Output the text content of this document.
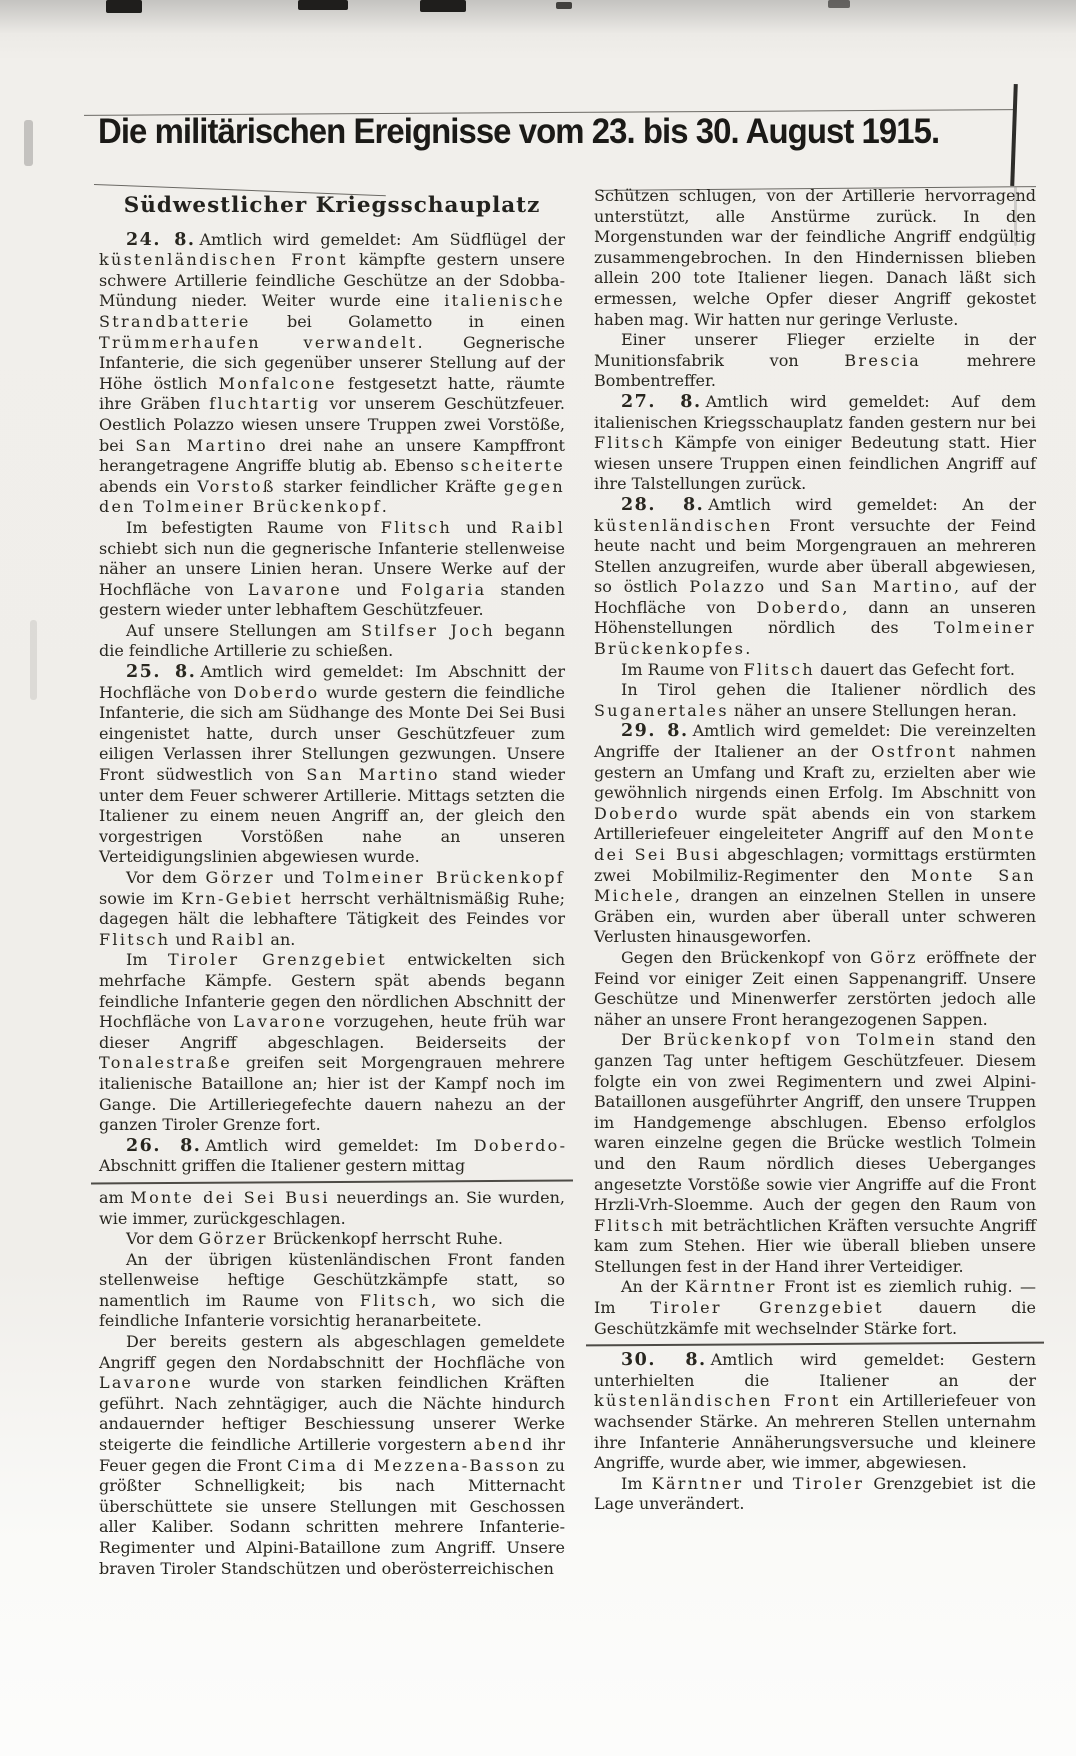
Die militärischen Ereignisse vom 23. bis 30. August 1915.

Südwestlicher Kriegsschauplatz

24. 8. Amtlich wird gemeldet: Am Südflügel der küstenländischen Front kämpfte gestern unsere schwere Artillerie feindliche Geschütze an der Sdobba-Mündung nieder. Weiter wurde eine italienische Strandbatterie bei Golametto in einen Trümmerhaufen verwandelt. Gegnerische Infanterie, die sich gegenüber unserer Stellung auf der Höhe östlich Monfalcone festgesetzt hatte, räumte ihre Gräben fluchtartig vor unserem Geschützfeuer. Oestlich Polazzo wiesen unsere Truppen zwei Vorstöße, bei San Martino drei nahe an unsere Kampffront herangetragene Angriffe blutig ab. Ebenso scheiterte abends ein Vorstoß starker feindlicher Kräfte gegen den Tolmeiner Brückenkopf.

Im befestigten Raume von Flitsch und Raibl schiebt sich nun die gegnerische Infanterie stellenweise näher an unsere Linien heran. Unsere Werke auf der Hochfläche von Lavarone und Folgaria standen gestern wieder unter lebhaftem Geschützfeuer.

Auf unsere Stellungen am Stilfser Joch begann die feindliche Artillerie zu schießen.

25. 8. Amtlich wird gemeldet: Im Abschnitt der Hochfläche von Doberdo wurde gestern die feindliche Infanterie, die sich am Südhange des Monte Dei Sei Busi eingenistet hatte, durch unser Geschützfeuer zum eiligen Verlassen ihrer Stellungen gezwungen. Unsere Front südwestlich von San Martino stand wieder unter dem Feuer schwerer Artillerie. Mittags setzten die Italiener zu einem neuen Angriff an, der gleich den vorgestrigen Vorstößen nahe an unseren Verteidigungslinien abgewiesen wurde.

Vor dem Görzer und Tolmeiner Brückenkopf sowie im Krn-Gebiet herrscht verhältnismäßig Ruhe; dagegen hält die lebhaftere Tätigkeit des Feindes vor Flitsch und Raibl an.

Im Tiroler Grenzgebiet entwickelten sich mehrfache Kämpfe. Gestern spät abends begann feindliche Infanterie gegen den nördlichen Abschnitt der Hochfläche von Lavarone vorzugehen, heute früh war dieser Angriff abgeschlagen. Beiderseits der Tonalestraße greifen seit Morgengrauen mehrere italienische Bataillone an; hier ist der Kampf noch im Gange. Die Artilleriegefechte dauern nahezu an der ganzen Tiroler Grenze fort.

26. 8. Amtlich wird gemeldet: Im Doberdo-Abschnitt griffen die Italiener gestern mittag

am Monte dei Sei Busi neuerdings an. Sie wurden, wie immer, zurückgeschlagen.

Vor dem Görzer Brückenkopf herrscht Ruhe.

An der übrigen küstenländischen Front fanden stellenweise heftige Geschützkämpfe statt, so namentlich im Raume von Flitsch, wo sich die feindliche Infanterie vorsichtig heranarbeitete.

Der bereits gestern als abgeschlagen gemeldete Angriff gegen den Nordabschnitt der Hochfläche von Lavarone wurde von starken feindlichen Kräften geführt. Nach zehntägiger, auch die Nächte hindurch andauernder heftiger Beschiessung unserer Werke steigerte die feindliche Artillerie vorgestern abend ihr Feuer gegen die Front Cima di Mezzena-Basson zu größter Schnelligkeit; bis nach Mitternacht überschüttete sie unsere Stellungen mit Geschossen aller Kaliber. Sodann schritten mehrere Infanterie-Regimenter und Alpini-Bataillone zum Angriff. Unsere braven Tiroler Standschützen und oberösterreichischen

Schützen schlugen, von der Artillerie hervorragend unterstützt, alle Anstürme zurück. In den Morgenstunden war der feindliche Angriff endgültig zusammengebrochen. In den Hindernissen blieben allein 200 tote Italiener liegen. Danach läßt sich ermessen, welche Opfer dieser Angriff gekostet haben mag. Wir hatten nur geringe Verluste.

Einer unserer Flieger erzielte in der Munitionsfabrik von Brescia mehrere Bombentreffer.

27. 8. Amtlich wird gemeldet: Auf dem italienischen Kriegsschauplatz fanden gestern nur bei Flitsch Kämpfe von einiger Bedeutung statt. Hier wiesen unsere Truppen einen feindlichen Angriff auf ihre Talstellungen zurück.

28. 8. Amtlich wird gemeldet: An der küstenländischen Front versuchte der Feind heute nacht und beim Morgengrauen an mehreren Stellen anzugreifen, wurde aber überall abgewiesen, so östlich Polazzo und San Martino, auf der Hochfläche von Doberdo, dann an unseren Höhenstellungen nördlich des Tolmeiner Brückenkopfes.

Im Raume von Flitsch dauert das Gefecht fort.

In Tirol gehen die Italiener nördlich des Suganertales näher an unsere Stellungen heran.

29. 8. Amtlich wird gemeldet: Die vereinzelten Angriffe der Italiener an der Ostfront nahmen gestern an Umfang und Kraft zu, erzielten aber wie gewöhnlich nirgends einen Erfolg. Im Abschnitt von Doberdo wurde spät abends ein von starkem Artilleriefeuer eingeleiteter Angriff auf den Monte dei Sei Busi abgeschlagen; vormittags erstürmten zwei Mobilmiliz-Regimenter den Monte San Michele, drangen an einzelnen Stellen in unsere Gräben ein, wurden aber überall unter schweren Verlusten hinausgeworfen.

Gegen den Brückenkopf von Görz eröffnete der Feind vor einiger Zeit einen Sappenangriff. Unsere Geschütze und Minenwerfer zerstörten jedoch alle näher an unsere Front herangezogenen Sappen.

Der Brückenkopf von Tolmein stand den ganzen Tag unter heftigem Geschützfeuer. Diesem folgte ein von zwei Regimentern und zwei Alpini-Bataillonen ausgeführter Angriff, den unsere Truppen im Handgemenge abschlugen. Ebenso erfolglos waren einzelne gegen die Brücke westlich Tolmein und den Raum nördlich dieses Ueberganges angesetzte Vorstöße sowie vier Angriffe auf die Front Hrzli-Vrh-Sloemme. Auch der gegen den Raum von Flitsch mit beträchtlichen Kräften versuchte Angriff kam zum Stehen. Hier wie überall blieben unsere Stellungen fest in der Hand ihrer Verteidiger.

An der Kärntner Front ist es ziemlich ruhig. — Im Tiroler Grenzgebiet dauern die Geschützkämfe mit wechselnder Stärke fort.

30. 8. Amtlich wird gemeldet: Gestern unterhielten die Italiener an der küstenländischen Front ein Artilleriefeuer von wachsender Stärke. An mehreren Stellen unternahm ihre Infanterie Annäherungsversuche und kleinere Angriffe, wurde aber, wie immer, abgewiesen.

Im Kärntner und Tiroler Grenzgebiet ist die Lage unverändert.
